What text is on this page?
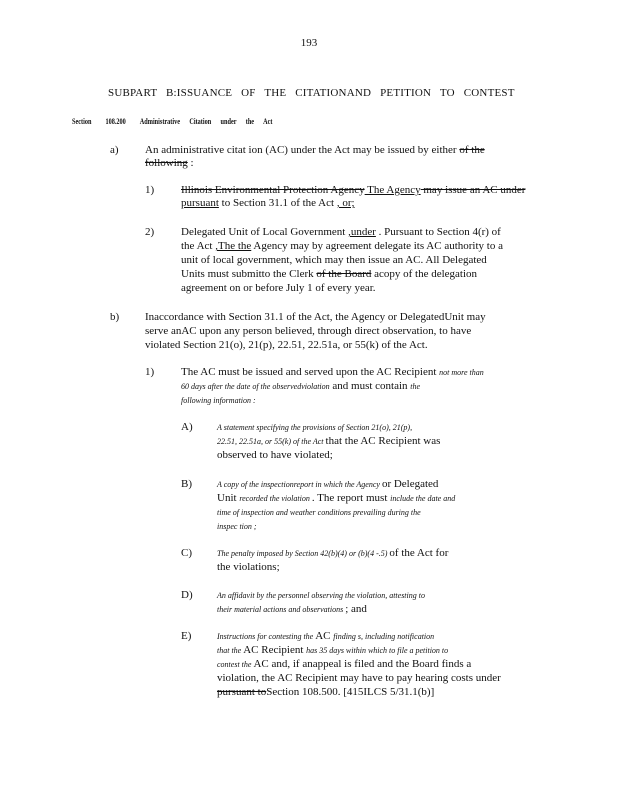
193
SUBPART B:ISSUANCE OF THE CITATIONAND PETITION TO CONTEST
Section 108.200 Administrative Citation under the Act
a) An administrative citat ion (AC) under the Act may be issued by either of the following :
1) Illinois Environmental Protection Agency The Agency may issue an AC under pursuant to Section 31.1 of the Act , or;
2) Delegated Unit of Local Government ,under . Pursuant to Section 4(r) of
the Act ,The the Agency may by agreement delegate its AC authority to a
unit of local government, which may then issue an AC. All Delegated
Units must submitto the Clerk of the Board acopy of the delegation
agreement on or before July 1 of every year.
b) Inaccordance with Section 31.1 of the Act, the Agency or DelegatedUnit may
serve anAC upon any person believed, through direct observation, to have
violated Section 21(o), 21(p), 22.51, 22.51a, or 55(k) of the Act.
1) The AC must be issued and served upon the AC Recipient not more than
60 days after the date of the observedviolation and must contain the
following information :
A)	A statement specifying the provisions of Section 21(o), 21(p),
22.51, 22.51a, or 55(k) of the Act that the AC Recipient was
observed to have violated;
B)	A copy of the inspectionreport in which the Agency or Delegated
Unit recorded the violation . The report must include the date and
time of inspection and weather conditions prevailing during the
inspec tion ;
C)	The penalty imposed by Section 42(b)(4) or (b)(4 -.5) of the Act for
the violations;
D)	An affidavit by the personnel observing the violation, attesting to
their material actions and observations ; and
E)	Instructions for contesting the AC finding s, including notification
that the AC Recipient has 35 days within which to file a petition to
contest the AC and, if anappeal is filed and the Board finds a
violation, the AC Recipient may have to pay hearing costs under
pursuant toSection 108.500. [415ILCS 5/31.1(b)]
